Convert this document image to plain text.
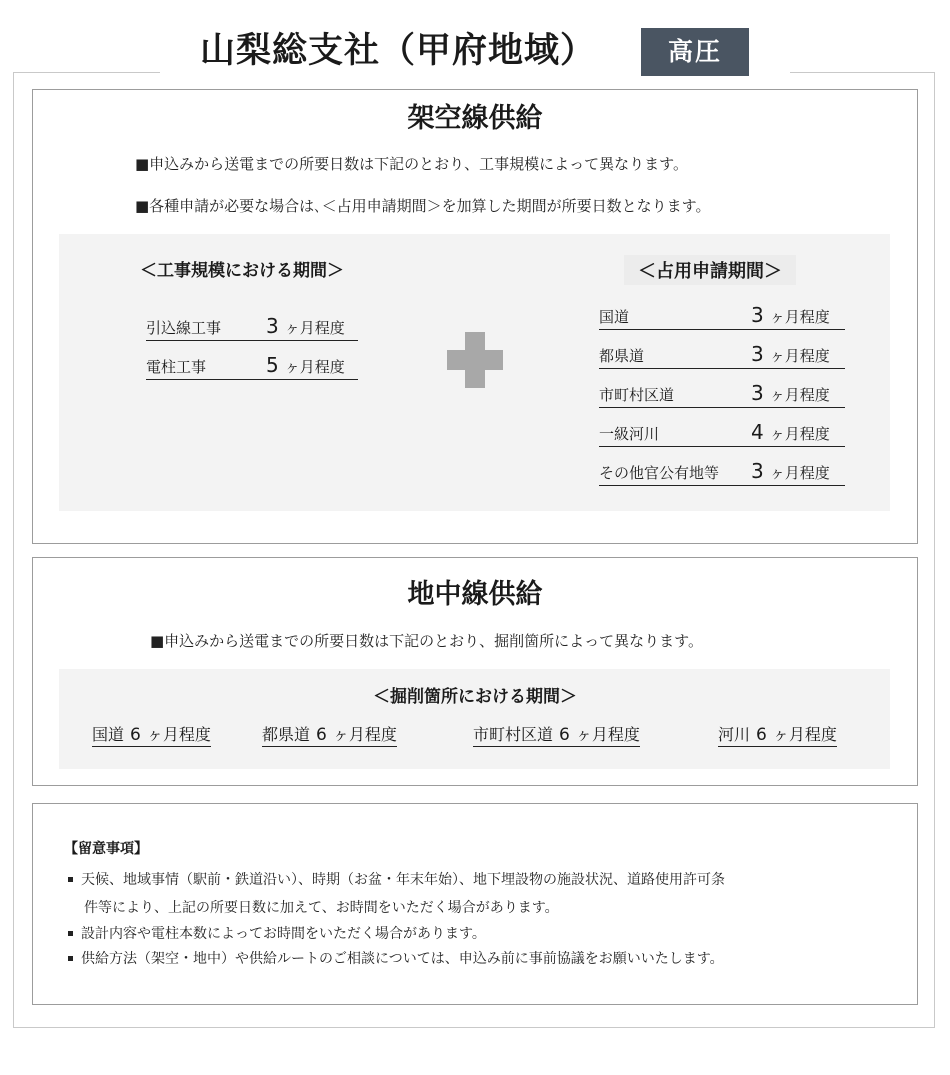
山梨総支社（甲府地域）	高圧
架空線供給
■申込みから送電までの所要日数は下記のとおり、工事規模によって異なります。
■各種申請が必要な場合は､＜占用申請期間＞を加算した期間が所要日数となります。
＜工事規模における期間＞	＜占用申請期間＞
引込線工事	3 ヶ月程度
電柱工事	5 ヶ月程度
国道	3 ヶ月程度
都県道	3 ヶ月程度
市町村区道	3 ヶ月程度
一級河川	4 ヶ月程度
その他官公有地等	3 ヶ月程度
地中線供給
■申込みから送電までの所要日数は下記のとおり、掘削箇所によって異なります。
＜掘削箇所における期間＞
国道 6 ヶ月程度	都県道 6 ヶ月程度	市町村区道 6 ヶ月程度	河川 6 ヶ月程度
【留意事項】
天候、地域事情（駅前・鉄道沿い）、時期（お盆・年末年始）、地下埋設物の施設状況、道路使用許可条
件等により、上記の所要日数に加えて、お時間をいただく場合があります。
設計内容や電柱本数によってお時間をいただく場合があります。
供給方法（架空・地中）や供給ルートのご相談については、申込み前に事前協議をお願いいたします。
